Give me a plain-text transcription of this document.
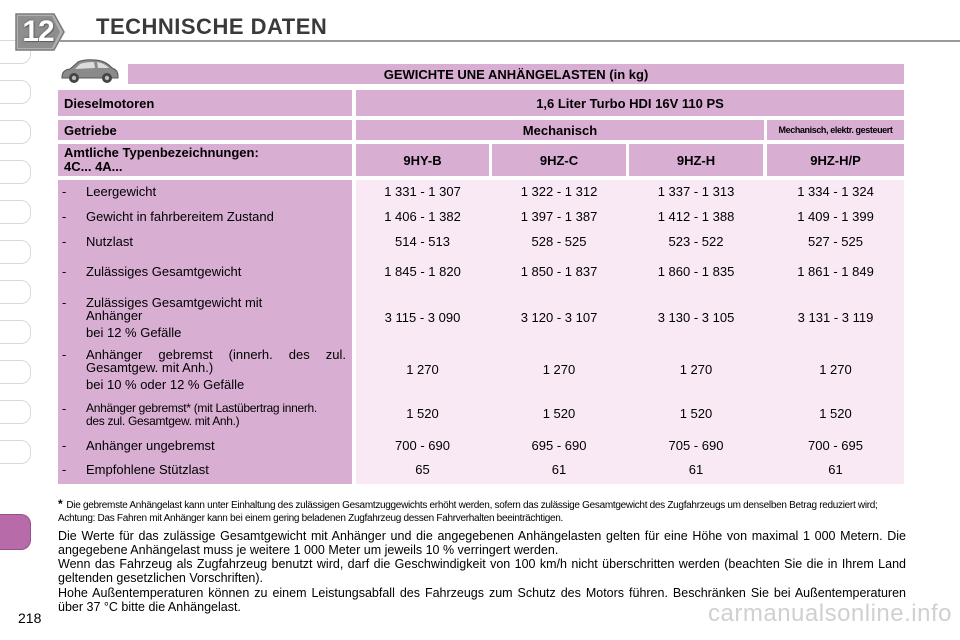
12 TECHNISCHE DATEN
GEWICHTE UNE ANHÄNGELASTEN (in kg)
Dieselmotoren	1,6 Liter Turbo HDI 16V 110 PS
Getriebe	Mechanisch	Mechanisch, elektr. gesteuert
Amtliche Typenbezeichnungen:
4C... 4A...	9HY-B	9HZ-C	9HZ-H	9HZ-H/P
-	Leergewicht	1 331 - 1 307	1 322 - 1 312	1 337 - 1 313	1 334 - 1 324
-	Gewicht in fahrbereitem Zustand	1 406 - 1 382	1 397 - 1 387	1 412 - 1 388	1 409 - 1 399
-	Nutzlast	514 - 513	528 - 525	523 - 522	527 - 525
-	Zulässiges Gesamtgewicht	1 845 - 1 820	1 850 - 1 837	1 860 - 1 835	1 861 - 1 849
-	Zulässiges Gesamtgewicht mit Anhänger
bei 12 % Gefälle
3 115 - 3 090	3 120 - 3 107	3 130 - 3 105	3 131 - 3 119
-	Anhänger gebremst (innerh. des zul. Gesamtgew. mit Anh.)
bei 10 % oder 12 % Gefälle
1 270	1 270	1 270	1 270
-	Anhänger gebremst* (mit Lastübertrag innerh. des zul. Gesamtgew. mit Anh.)	1 520	1 520	1 520	1 520
-	Anhänger ungebremst	700 - 690	695 - 690	705 - 690	700 - 695
-	Empfohlene Stützlast	65	61	61	61
* Die gebremste Anhängelast kann unter Einhaltung des zulässigen Gesamtzuggewichts erhöht werden, sofern das zulässige Gesamtgewicht des Zugfahrzeugs um denselben Betrag reduziert wird; Achtung: Das Fahren mit Anhänger kann bei einem gering beladenen Zugfahrzeug dessen Fahrverhalten beeinträchtigen.
Die Werte für das zulässige Gesamtgewicht mit Anhänger und die angegebenen Anhängelasten gelten für eine Höhe von maximal 1 000 Metern. Die angegebene Anhängelast muss je weitere 1 000 Meter um jeweils 10 % verringert werden.
Wenn das Fahrzeug als Zugfahrzeug benutzt wird, darf die Geschwindigkeit von 100 km/h nicht überschritten werden (beachten Sie die in Ihrem Land geltenden gesetzlichen Vorschriften).
Hohe Außentemperaturen können zu einem Leistungsabfall des Fahrzeugs zum Schutz des Motors führen. Beschränken Sie bei Außentemperaturen über 37 °C bitte die Anhängelast.
218	carmanualsonline.info
